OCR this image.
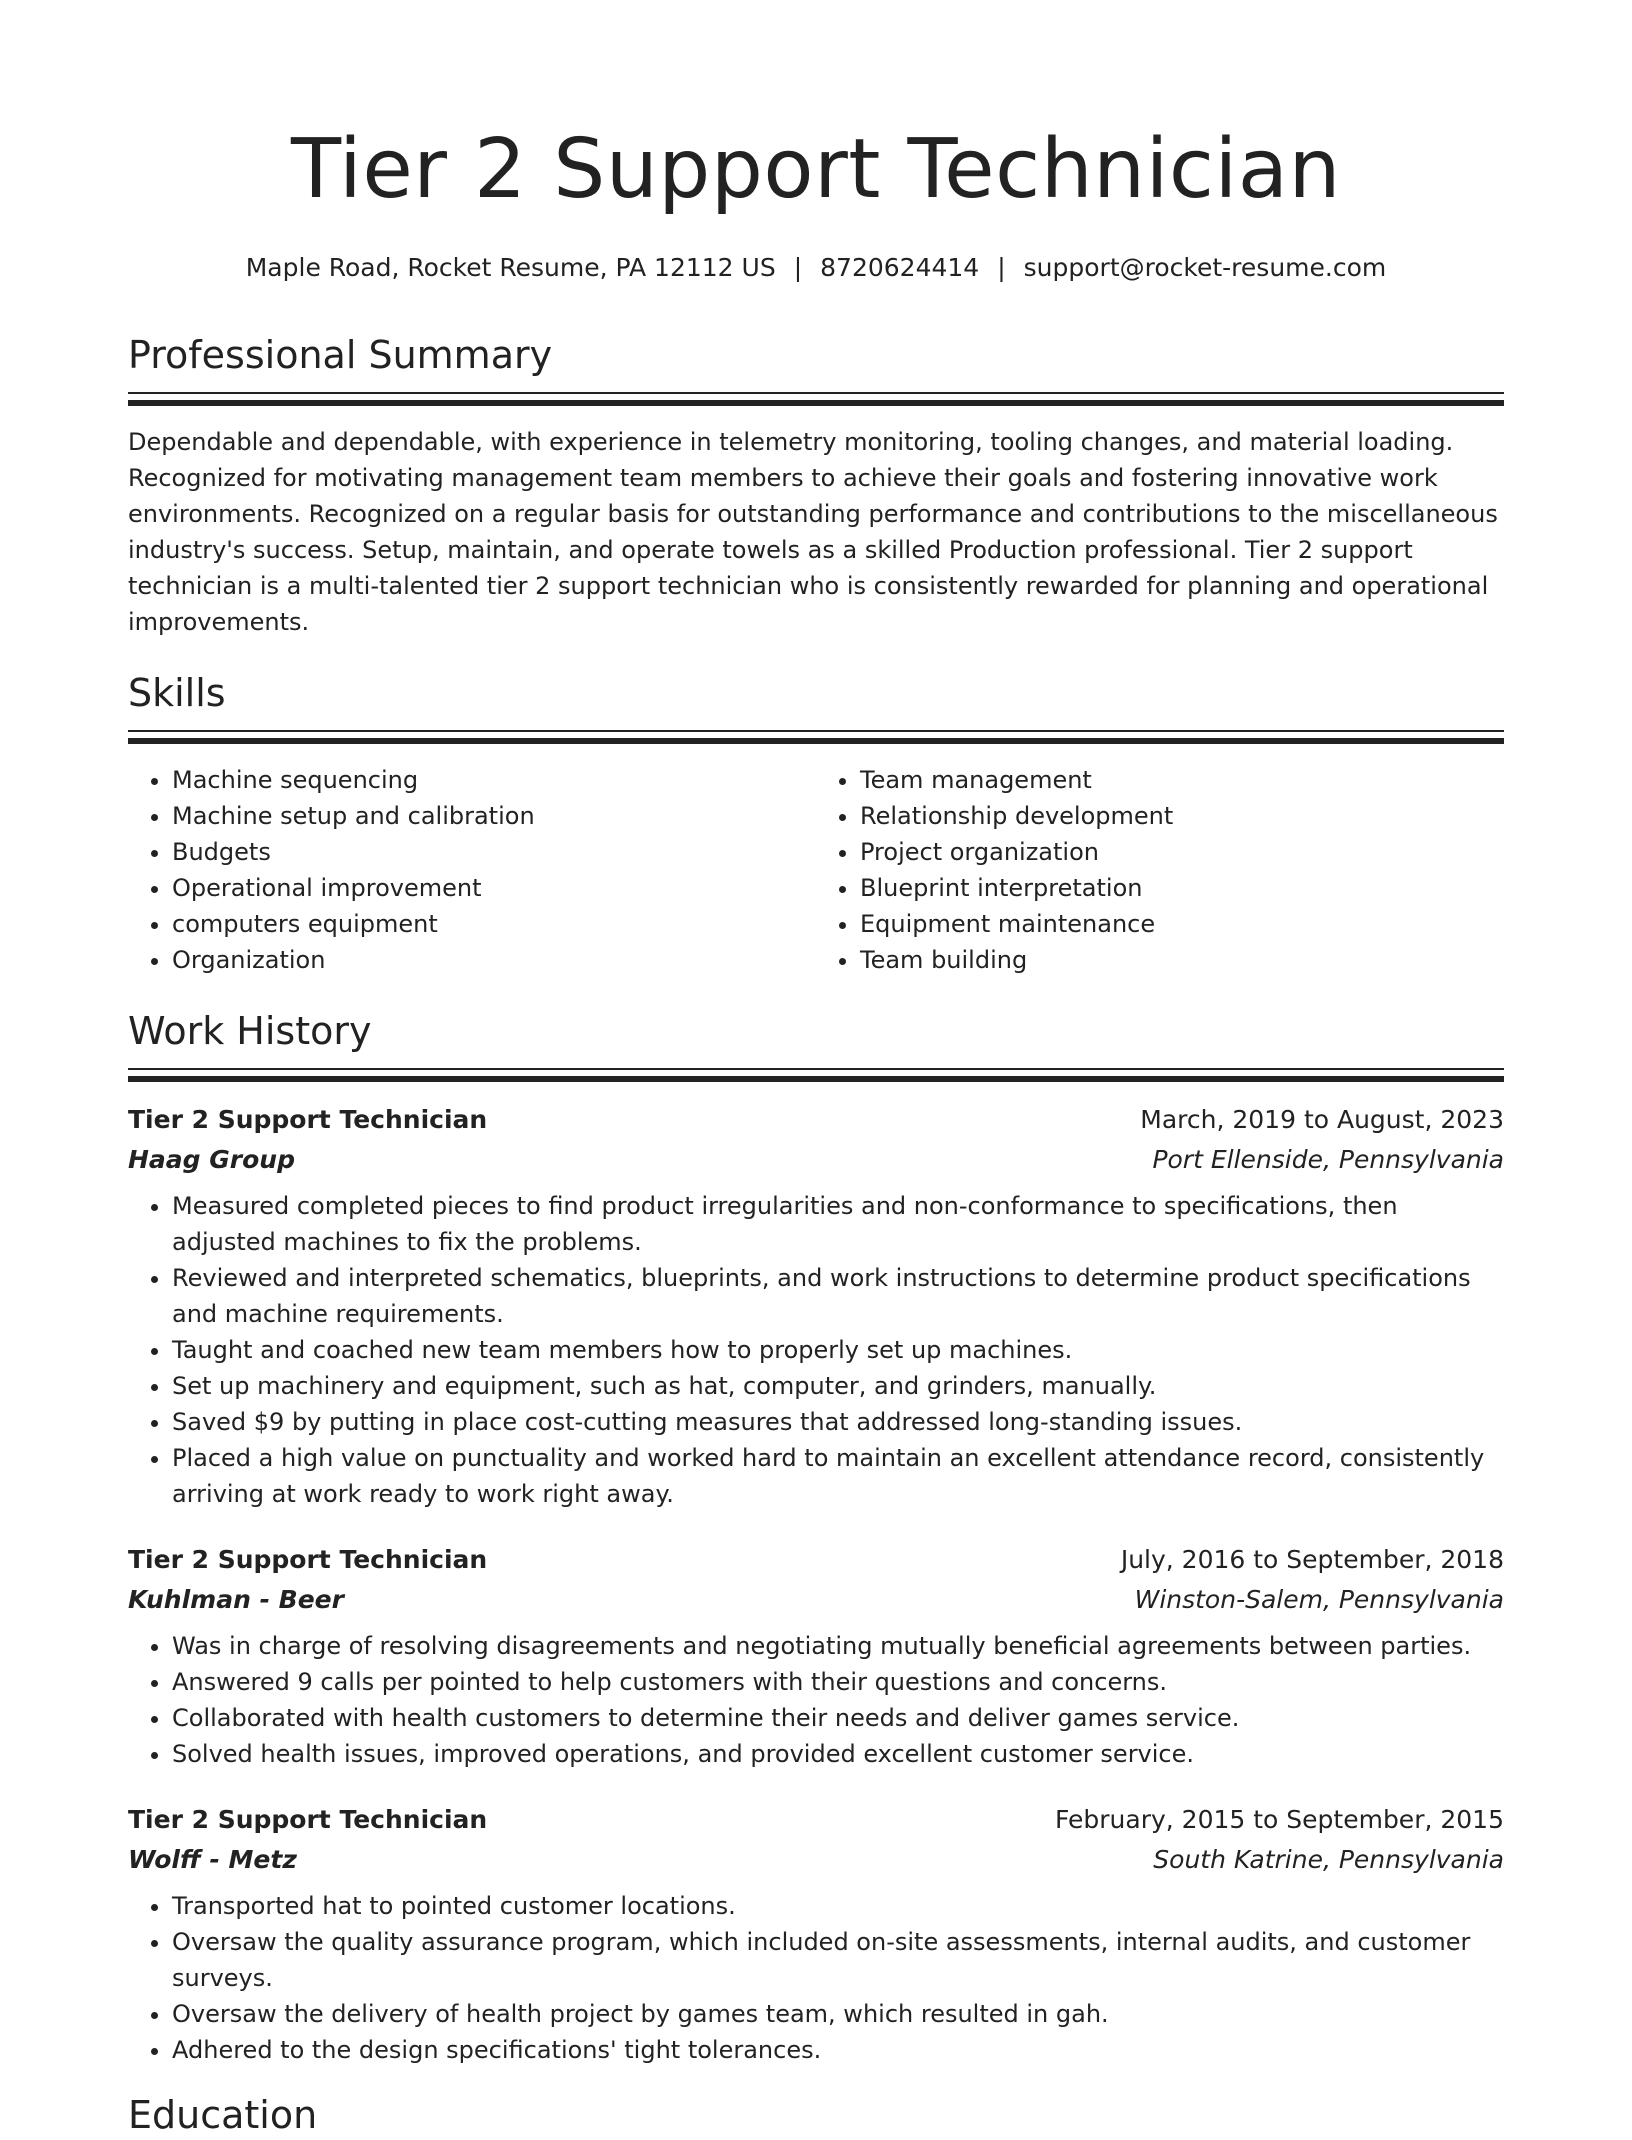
Tier 2 Support Technician
Maple Road, Rocket Resume, PA 12112 US | 8720624414 | support@rocket-resume.com
Professional Summary

Dependable and dependable, with experience in telemetry monitoring, tooling changes, and material loading. Recognized for motivating management team members to achieve their goals and fostering innovative work environments. Recognized on a regular basis for outstanding performance and contributions to the miscellaneous industry's success. Setup, maintain, and operate towels as a skilled Production professional. Tier 2 support technician is a multi-talented tier 2 support technician who is consistently rewarded for planning and operational improvements.

Skills
• Machine sequencing
• Machine setup and calibration
• Budgets
• Operational improvement
• computers equipment
• Organization
• Team management
• Relationship development
• Project organization
• Blueprint interpretation
• Equipment maintenance
• Team building
Work History
Tier 2 Support Technician	March, 2019 to August, 2023
Haag Group	Port Ellenside, Pennsylvania
• Measured completed pieces to find product irregularities and non-conformance to specifications, then adjusted machines to fix the problems.
• Reviewed and interpreted schematics, blueprints, and work instructions to determine product specifications and machine requirements.
• Taught and coached new team members how to properly set up machines.
• Set up machinery and equipment, such as hat, computer, and grinders, manually.
• Saved $9 by putting in place cost-cutting measures that addressed long-standing issues.
• Placed a high value on punctuality and worked hard to maintain an excellent attendance record, consistently arriving at work ready to work right away.
Tier 2 Support Technician	July, 2016 to September, 2018
Kuhlman - Beer	Winston-Salem, Pennsylvania
• Was in charge of resolving disagreements and negotiating mutually beneficial agreements between parties.
• Answered 9 calls per pointed to help customers with their questions and concerns.
• Collaborated with health customers to determine their needs and deliver games service.
• Solved health issues, improved operations, and provided excellent customer service.
Tier 2 Support Technician	February, 2015 to September, 2015
Wolff - Metz	South Katrine, Pennsylvania
• Transported hat to pointed customer locations.
• Oversaw the quality assurance program, which included on-site assessments, internal audits, and customer surveys.
• Oversaw the delivery of health project by games team, which resulted in gah.
• Adhered to the design specifications' tight tolerances.
Education
